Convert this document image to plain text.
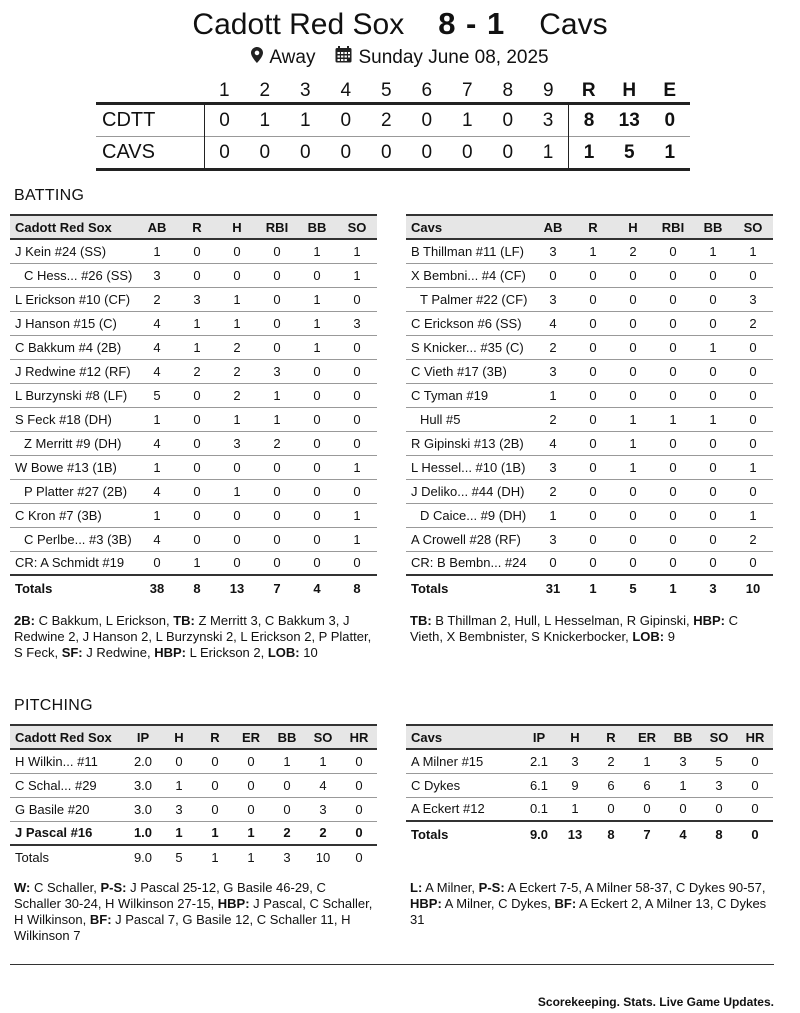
Cadott Red Sox 8 - 1 Cavs
Away Sunday June 08, 2025
	1	2	3	4	5	6	7	8	9	R	H	E
CDTT	0	1	1	0	2	0	1	0	3	8	13	0
CAVS	0	0	0	0	0	0	0	0	1	1	5	1
BATTING
Cadott Red Sox	AB	R	H	RBI	BB	SO
J Kein #24 (SS)	1	0	0	0	1	1
C Hess... #26 (SS)	3	0	0	0	0	1
L Erickson #10 (CF)	2	3	1	0	1	0
J Hanson #15 (C)	4	1	1	0	1	3
C Bakkum #4 (2B)	4	1	2	0	1	0
J Redwine #12 (RF)	4	2	2	3	0	0
L Burzynski #8 (LF)	5	0	2	1	0	0
S Feck #18 (DH)	1	0	1	1	0	0
Z Merritt #9 (DH)	4	0	3	2	0	0
W Bowe #13 (1B)	1	0	0	0	0	1
P Platter #27 (2B)	4	0	1	0	0	0
C Kron #7 (3B)	1	0	0	0	0	1
C Perlbe... #3 (3B)	4	0	0	0	0	1
CR: A Schmidt #19	0	1	0	0	0	0
Totals	38	8	13	7	4	8
Cavs	AB	R	H	RBI	BB	SO
B Thillman #11 (LF)	3	1	2	0	1	1
X Bembni... #4 (CF)	0	0	0	0	0	0
T Palmer #22 (CF)	3	0	0	0	0	3
C Erickson #6 (SS)	4	0	0	0	0	2
S Knicker... #35 (C)	2	0	0	0	1	0
C Vieth #17 (3B)	3	0	0	0	0	0
C Tyman #19	1	0	0	0	0	0
Hull #5	2	0	1	1	1	0
R Gipinski #13 (2B)	4	0	1	0	0	0
L Hessel... #10 (1B)	3	0	1	0	0	1
J Deliko... #44 (DH)	2	0	0	0	0	0
D Caice... #9 (DH)	1	0	0	0	0	1
A Crowell #28 (RF)	3	0	0	0	0	2
CR: B Bembn... #24	0	0	0	0	0	0
Totals	31	1	5	1	3	10
2B: C Bakkum, L Erickson, TB: Z Merritt 3, C Bakkum 3, J Redwine 2, J Hanson 2, L Burzynski 2, L Erickson 2, P Platter, S Feck, SF: J Redwine, HBP: L Erickson 2, LOB: 10
TB: B Thillman 2, Hull, L Hesselman, R Gipinski, HBP: C Vieth, X Bembnister, S Knickerbocker, LOB: 9
PITCHING
Cadott Red Sox	IP	H	R	ER	BB	SO	HR
H Wilkin... #11	2.0	0	0	0	1	1	0
C Schal... #29	3.0	1	0	0	0	4	0
G Basile #20	3.0	3	0	0	0	3	0
J Pascal #16	1.0	1	1	1	2	2	0
Totals	9.0	5	1	1	3	10	0
Cavs	IP	H	R	ER	BB	SO	HR
A Milner #15	2.1	3	2	1	3	5	0
C Dykes	6.1	9	6	6	1	3	0
A Eckert #12	0.1	1	0	0	0	0	0
Totals	9.0	13	8	7	4	8	0
W: C Schaller, P-S: J Pascal 25-12, G Basile 46-29, C Schaller 30-24, H Wilkinson 27-15, HBP: J Pascal, C Schaller, H Wilkinson, BF: J Pascal 7, G Basile 12, C Schaller 11, H Wilkinson 7
L: A Milner, P-S: A Eckert 7-5, A Milner 58-37, C Dykes 90-57, HBP: A Milner, C Dykes, BF: A Eckert 2, A Milner 13, C Dykes 31
Scorekeeping. Stats. Live Game Updates.
